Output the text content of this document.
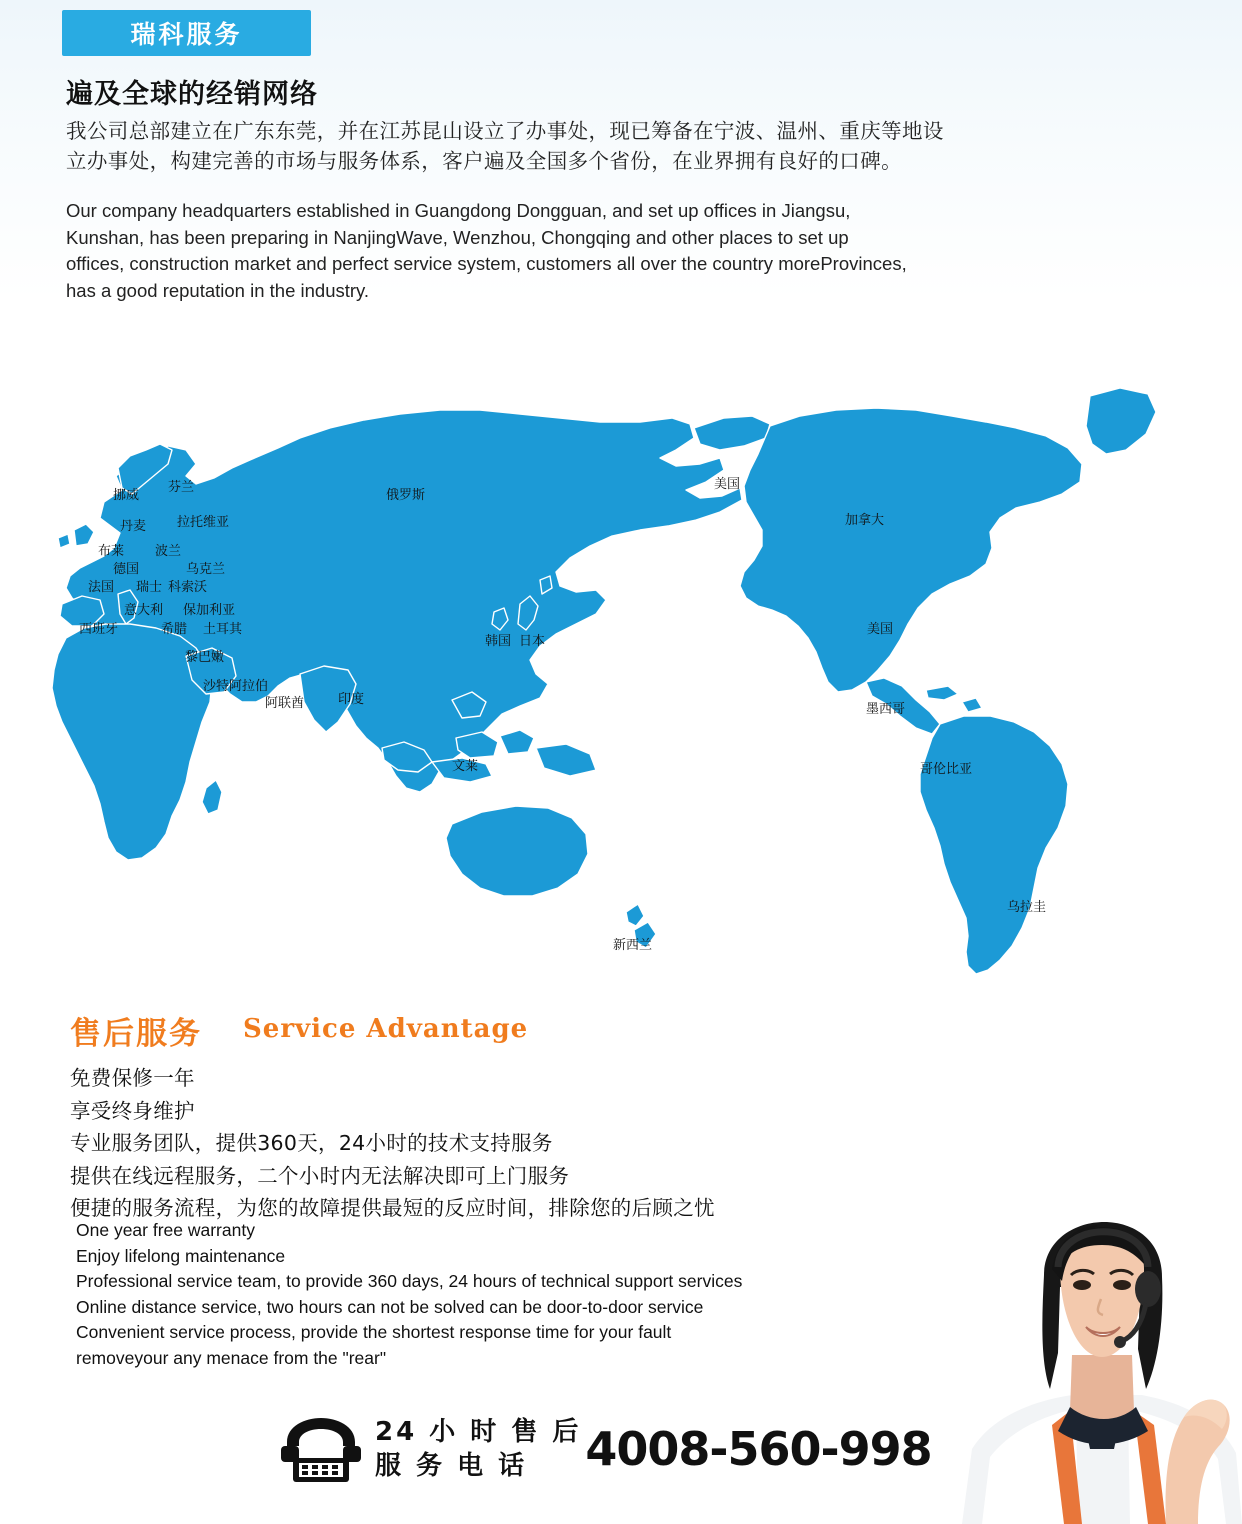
瑞科服务
遍及全球的经销网络
我公司总部建立在广东东莞，并在江苏昆山设立了办事处，现已筹备在宁波、温州、重庆等地设立办事处，构建完善的市场与服务体系，客户遍及全国多个省份，在业界拥有良好的口碑。
Our company headquarters established in Guangdong Dongguan, and set up offices in Jiangsu, Kunshan, has been preparing in NanjingWave, Wenzhou, Chongqing and other places to set up offices, construction market and perfect service system, customers all over the country moreProvinces, has a good reputation in the industry.
挪威
芬兰
丹麦 拉托维亚
布莱 波兰
德国	乌克兰
法国 瑞士 科索沃
意大利 保加利亚
西班牙	希腊 土耳其
黎巴嫩
沙特阿拉伯
阿联酋	印度
俄罗斯
韩国 日本
文莱
美国
加拿大
美国
墨西哥
哥伦比亚
乌拉圭
新西兰
售后服务 Service Advantage
免费保修一年
享受终身维护
专业服务团队，提供360天，24小时的技术支持服务
提供在线远程服务，二个小时内无法解决即可上门服务
便捷的服务流程，为您的故障提供最短的反应时间，排除您的后顾之忧
One year free warranty
Enjoy lifelong maintenance
Professional service team, to provide 360 days, 24 hours of technical support services
Online distance service, two hours can not be solved can be door-to-door service
Convenient service process, provide the shortest response time for your fault
removeyour any menace from the "rear"
24 小 时 售 后
服 务 电 话	4008-560-998
